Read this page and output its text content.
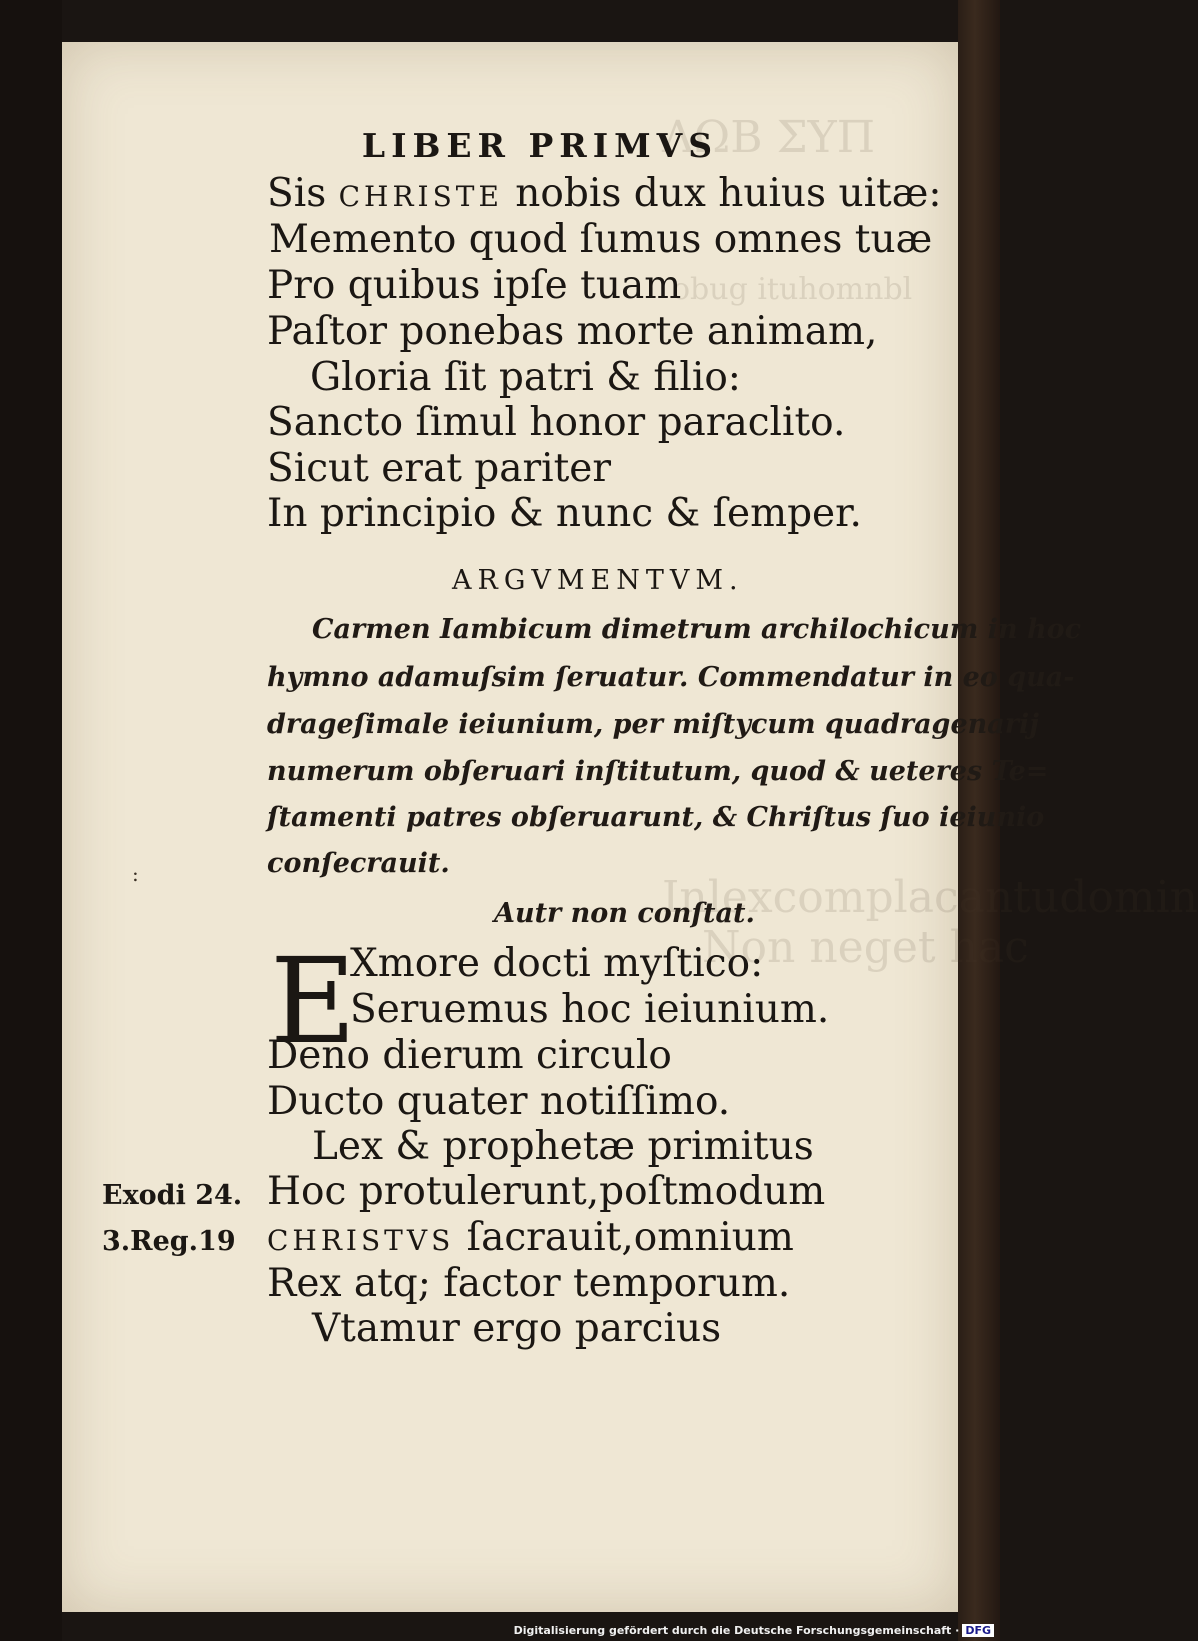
ΛΩΒ ΣΥΠ
obug ituhomnbl
Inlexcomplacantudomin
Non neget hac
LIBER PRIMVS
Sis CHRISTE nobis dux huius uitæ:
Memento quod ſumus omnes tuæ
Pro quibus ipſe tuam
Paſtor ponebas morte animam,
Gloria ſit patri & filio:
Sancto ſimul honor paraclito.
Sicut erat pariter
In principio & nunc & ſemper.
ARGVMENTVM.
Carmen Iambicum dimetrum archilochicum in hoc
hymno adamuſsim ſeruatur. Commendatur in eo qua-
drageſimale ieiunium, per miſtycum quadragenarij
numerum obſeruari inſtitutum, quod & ueteres Te=
ſtamenti patres obſeruarunt, & Chriſtus ſuo ieiunio
conſecrauit.
:
Autr non conſtat.
E
Xmore docti myſtico:
Seruemus hoc ieiunium.
Deno dierum circulo
Ducto quater notiſſimo.
Lex & prophetæ primitus
Hoc protulerunt,poſtmodum
CHRISTVS ſacrauit,omnium
Rex atq; factor temporum.
Vtamur ergo parcius
Exodi 24.
3.Reg.19
Digitalisierung gefördert durch die Deutsche Forschungsgemeinschaft · DFG
